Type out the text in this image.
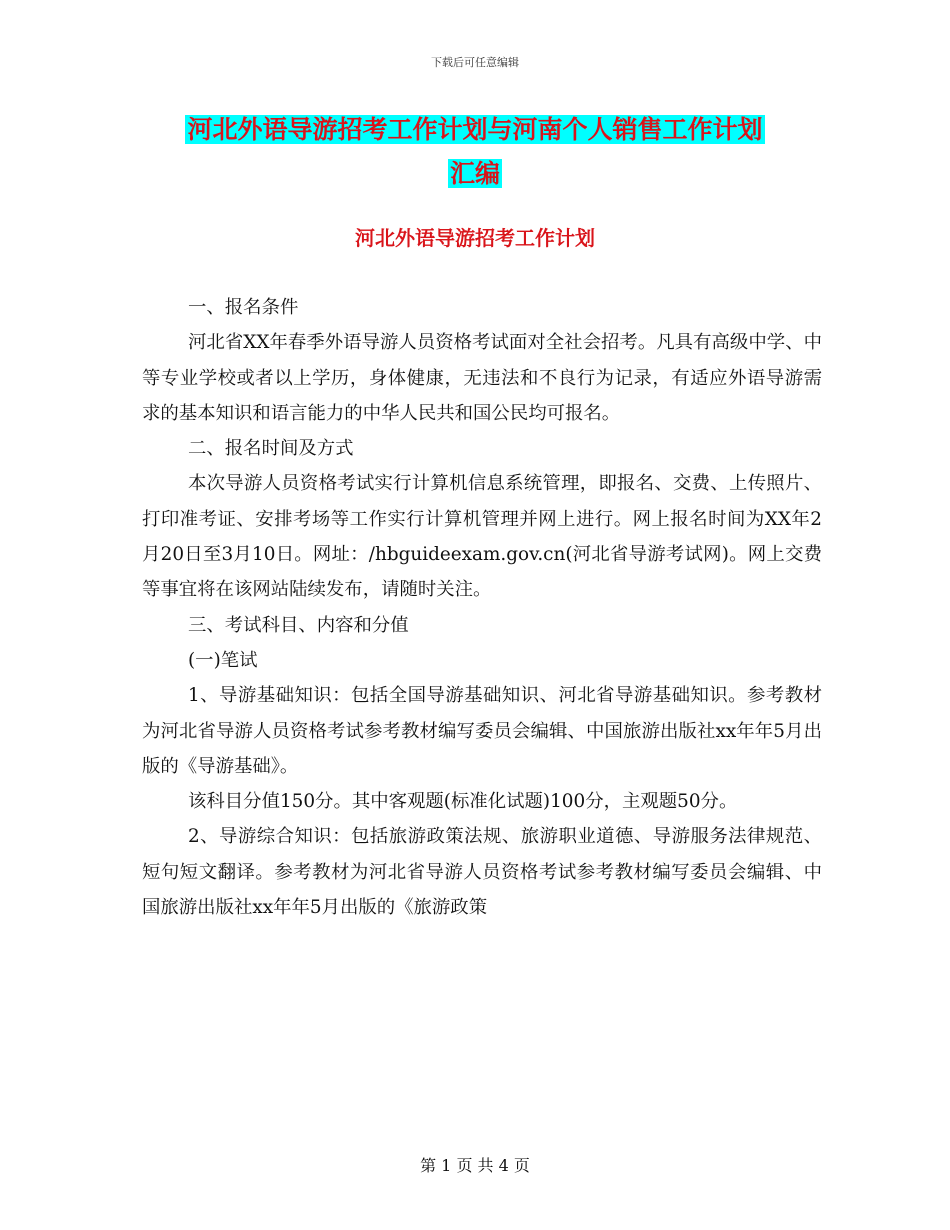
下载后可任意编辑
河北外语导游招考工作计划与河南个人销售工作计划
汇编
河北外语导游招考工作计划

一、报名条件

河北省XX年春季外语导游人员资格考试面对全社会招考。凡具有高级中学、中等专业学校或者以上学历，身体健康，无违法和不良行为记录，有适应外语导游需求的基本知识和语言能力的中华人民共和国公民均可报名。

二、报名时间及方式

本次导游人员资格考试实行计算机信息系统管理，即报名、交费、上传照片、打印准考证、安排考场等工作实行计算机管理并网上进行。网上报名时间为XX年2月20日至3月10日。网址：/hbguideexam.gov.cn(河北省导游考试网)。网上交费等事宜将在该网站陆续发布，请随时关注。

三、考试科目、内容和分值

(一)笔试

1、导游基础知识：包括全国导游基础知识、河北省导游基础知识。参考教材为河北省导游人员资格考试参考教材编写委员会编辑、中国旅游出版社xx年年5月出版的《导游基础》。

该科目分值150分。其中客观题(标准化试题)100分，主观题50分。

2、导游综合知识：包括旅游政策法规、旅游职业道德、导游服务法律规范、短句短文翻译。参考教材为河北省导游人员资格考试参考教材编写委员会编辑、中国旅游出版社xx年年5月出版的《旅游政策

第 1 页 共 4 页
